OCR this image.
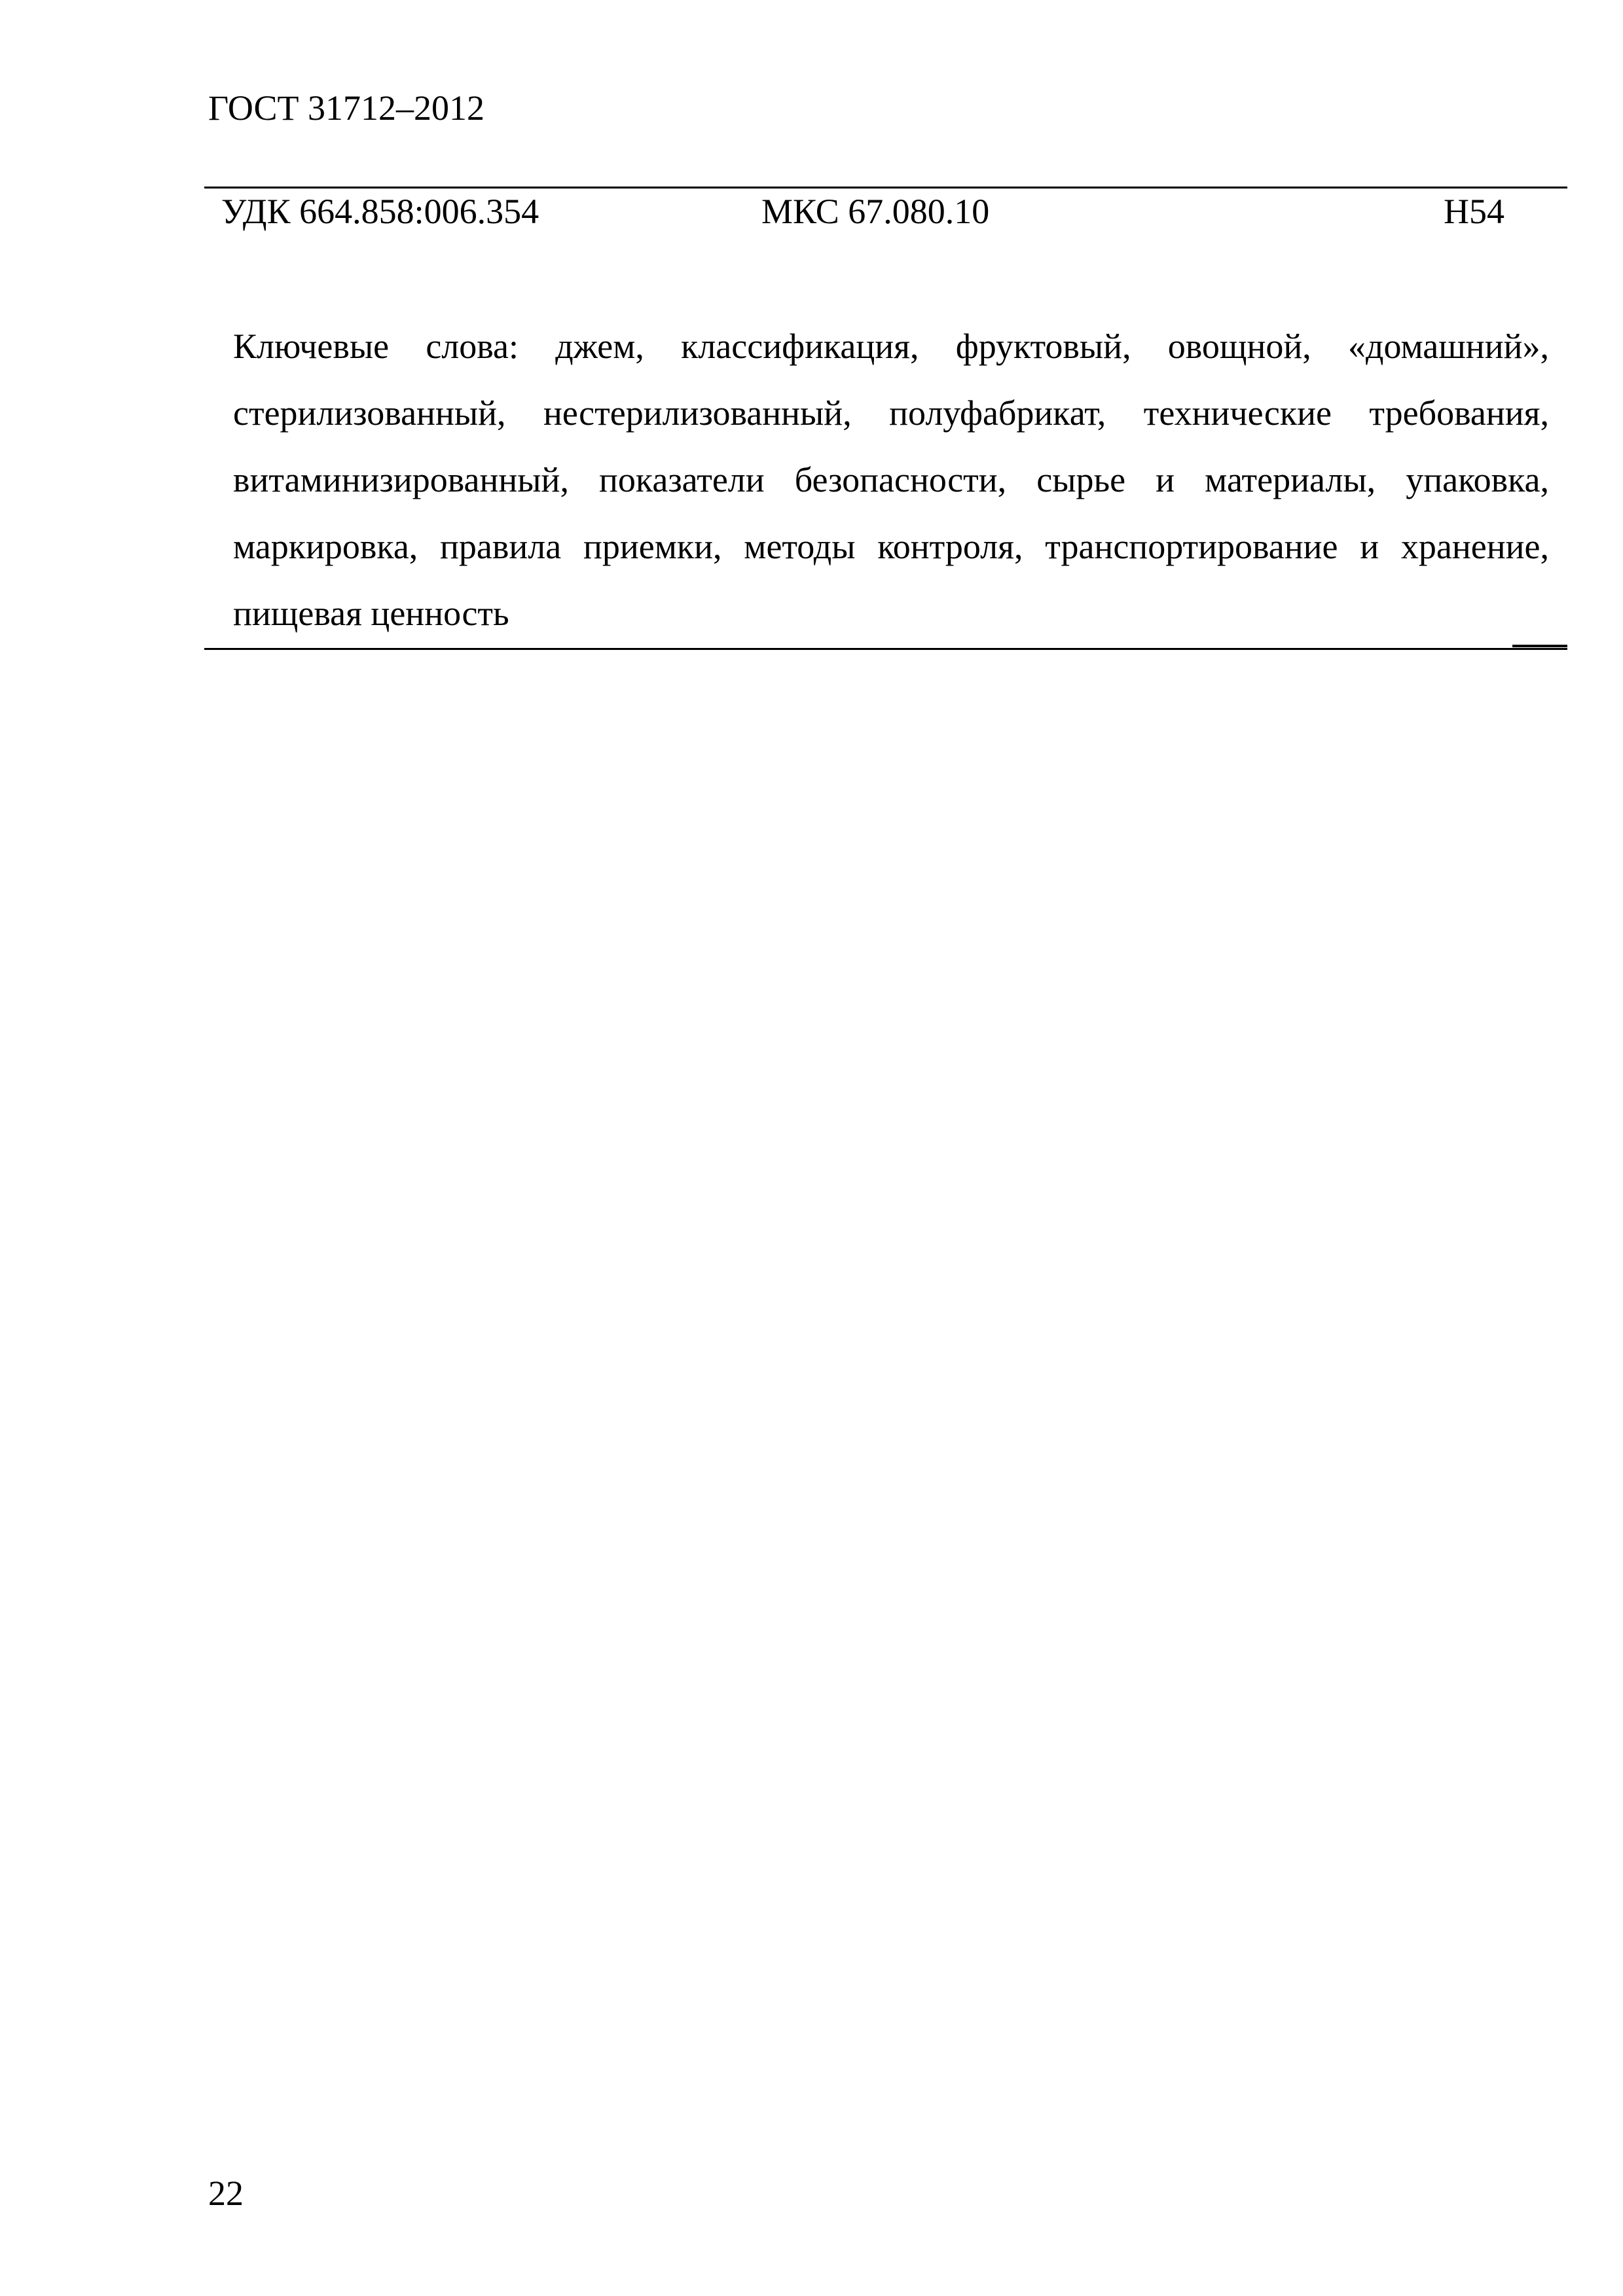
ГОСТ 31712–2012
УДК 664.858:006.354	МКС 67.080.10	Н54

Ключевые слова: джем, классификация, фруктовый, овощной, «домашний», стерилизованный, нестерилизованный, полуфабрикат, технические требования, витаминизированный, показатели безопасности, сырье и материалы, упаковка, маркировка, правила приемки, методы контроля, транспортирование и хранение, пищевая ценность

22
